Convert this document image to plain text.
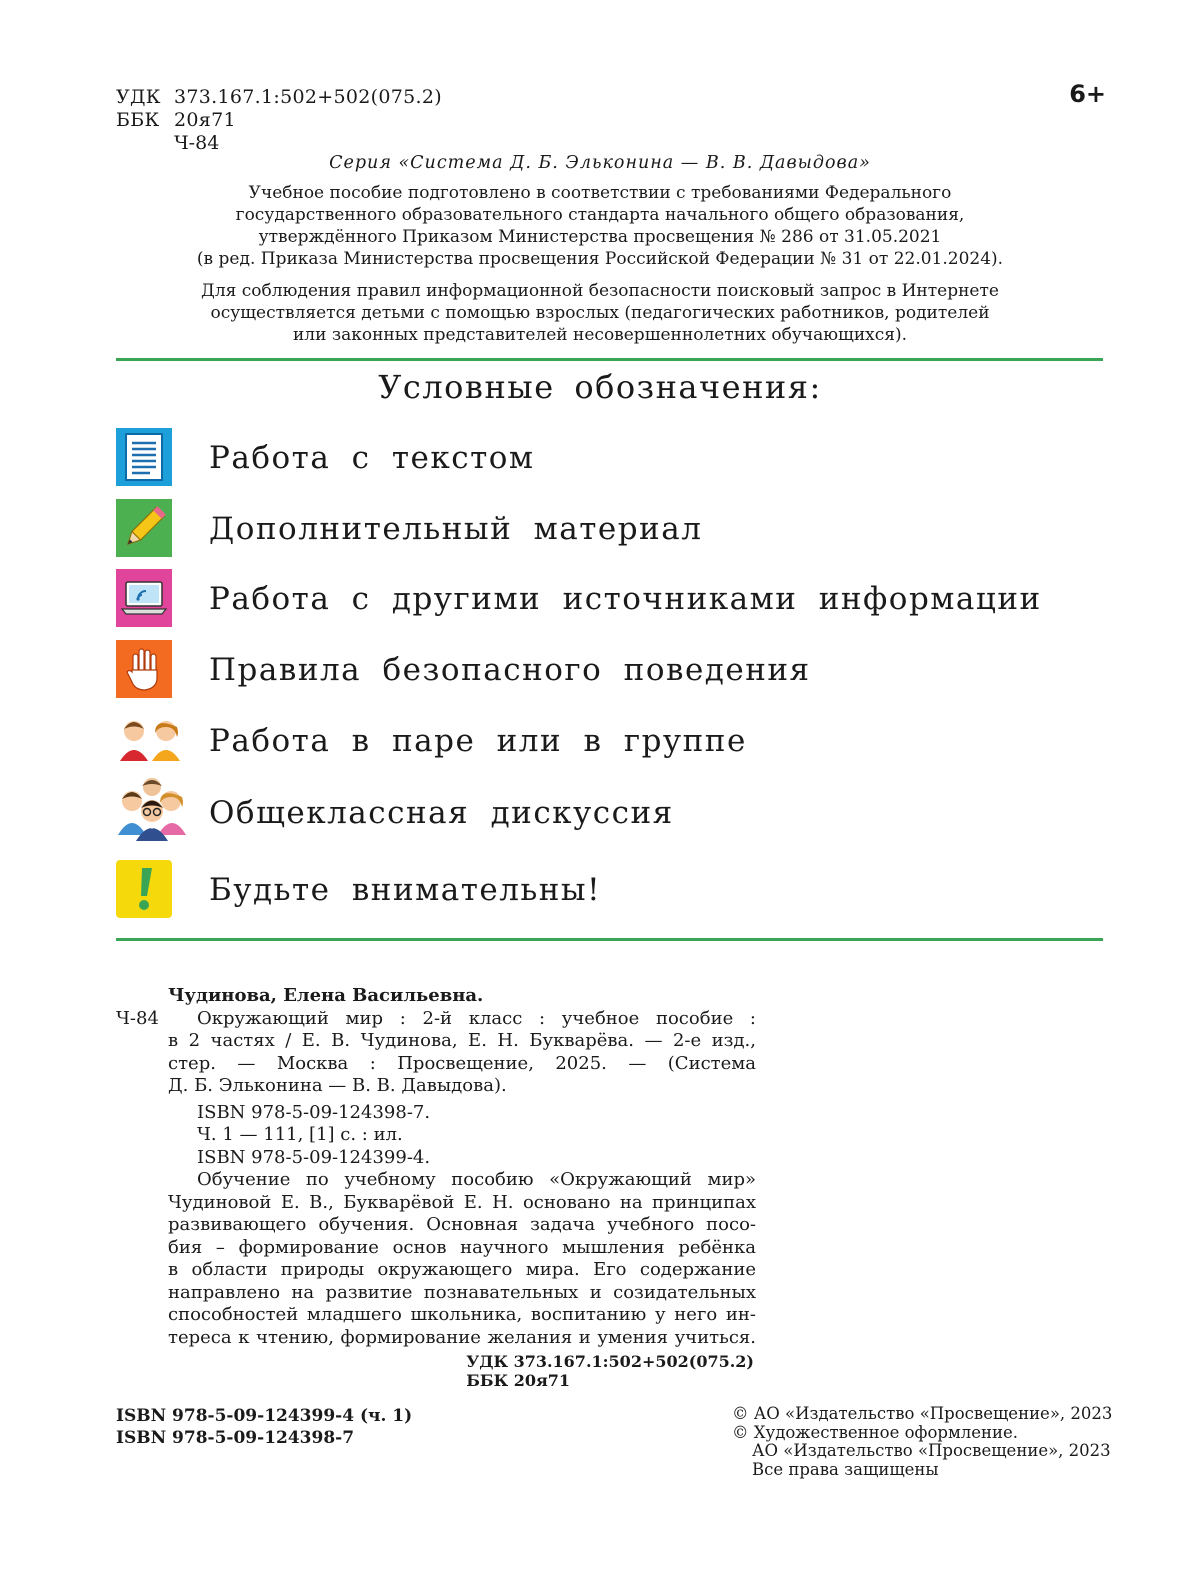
УДК 373.167.1:502+502(075.2)
ББК 20я71
Ч-84
6+
Серия «Система Д. Б. Эльконина — В. В. Давыдова»
Учебное пособие подготовлено в соответствии с требованиями Федерального
государственного образовательного стандарта начального общего образования,
утверждённого Приказом Министерства просвещения № 286 от 31.05.2021
(в ред. Приказа Министерства просвещения Российской Федерации № 31 от 22.01.2024).
Для соблюдения правил информационной безопасности поисковый запрос в Интернете
осуществляется детьми с помощью взрослых (педагогических работников, родителей
или законных представителей несовершеннолетних обучающихся).
Условные обозначения:
Работа с текстом
Дополнительный материал
Работа с другими источниками информации
Правила безопасного поведения
Работа в паре или в группе
Общеклассная дискуссия
Будьте внимательны!
Чудинова, Елена Васильевна.
Ч-84	Окружающий мир : 2-й класс : учебное пособие :
в 2 частях / Е. В. Чудинова, Е. Н. Букварёва. — 2-е изд.,
стер. — Москва : Просвещение, 2025. — (Система
Д. Б. Эльконина — В. В. Давыдова).
ISBN 978-5-09-124398-7.
Ч. 1 — 111, [1] с. : ил.
ISBN 978-5-09-124399-4.
Обучение по учебному пособию «Окружающий мир»
Чудиновой Е. В., Букварёвой Е. Н. основано на принципах
развивающего обучения. Основная задача учебного посо-
бия – формирование основ научного мышления ребёнка
в области природы окружающего мира. Его содержание
направлено на развитие познавательных и созидательных
способностей младшего школьника, воспитанию у него ин-
тереса к чтению, формирование желания и умения учиться.
УДК 373.167.1:502+502(075.2)
ББК 20я71
ISBN 978-5-09-124399-4 (ч. 1)
ISBN 978-5-09-124398-7
© АО «Издательство «Просвещение», 2023
© Художественное оформление.
АО «Издательство «Просвещение», 2023
Все права защищены
